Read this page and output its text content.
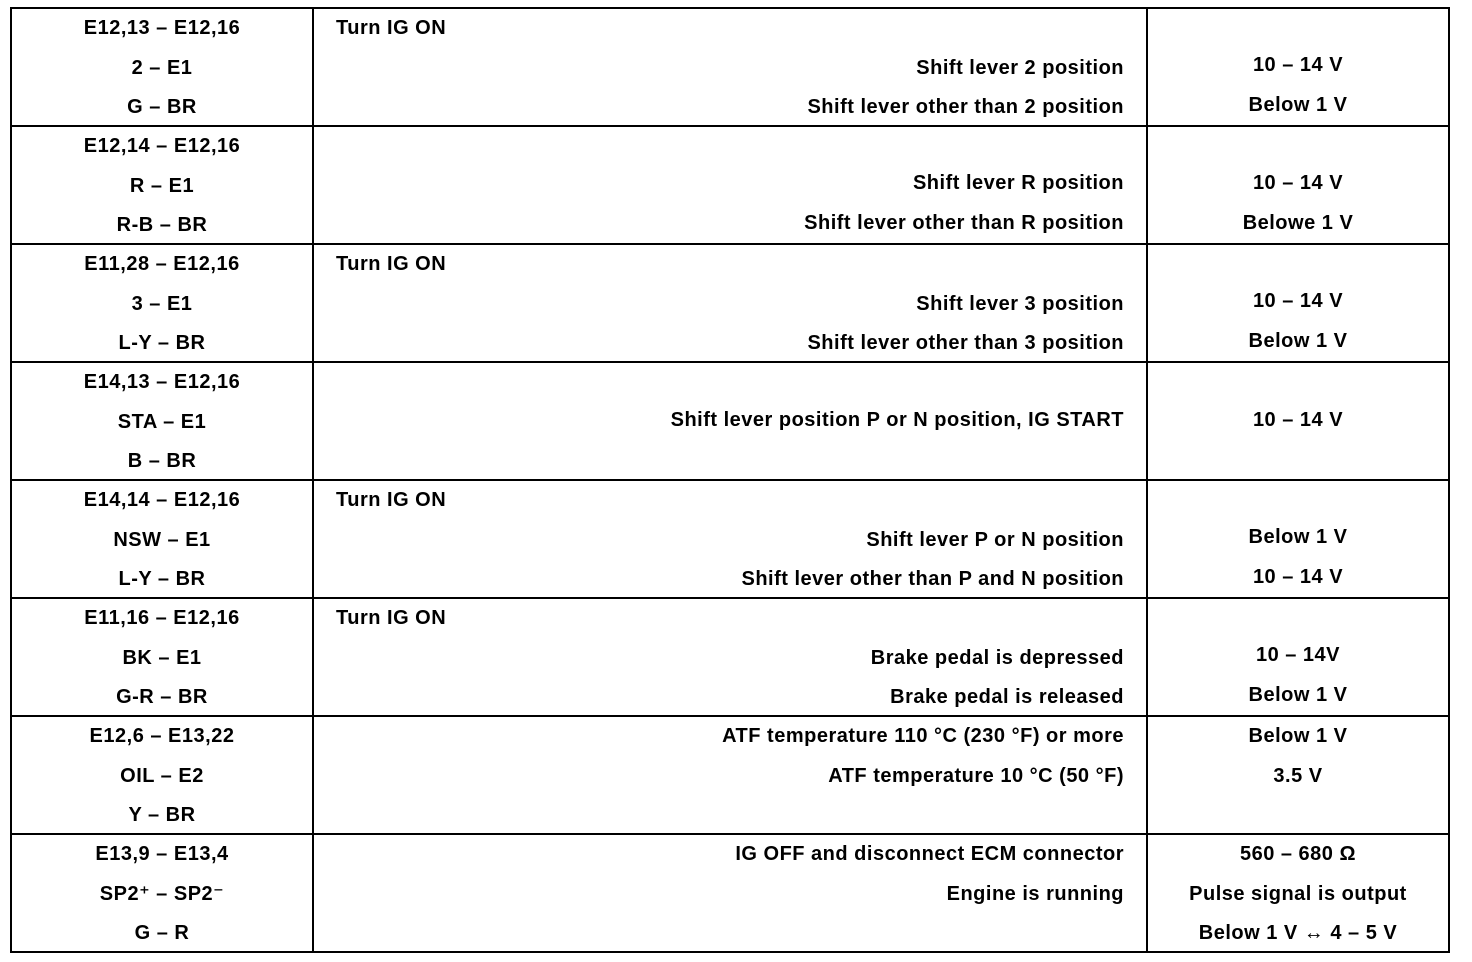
E12,13 – E12,16
2 – E1
G – BR
Turn IG ON
Shift lever 2 position
Shift lever other than 2 position
10 – 14 V
Below 1 V
E12,14 – E12,16
R – E1
R-B – BR
Shift lever R position
Shift lever other than R position
10 – 14 V
Belowe 1 V
E11,28 – E12,16
3 – E1
L-Y – BR
Turn IG ON
Shift lever 3 position
Shift lever other than 3 position
10 – 14 V
Below 1 V
E14,13 – E12,16
STA – E1
B – BR
Shift lever position P or N position, IG START	10 – 14 V
E14,14 – E12,16
NSW – E1
L-Y – BR
Turn IG ON
Shift lever P or N position
Shift lever other than P and N position
Below 1 V
10 – 14 V
E11,16 – E12,16
BK – E1
G-R – BR
Turn IG ON
Brake pedal is depressed
Brake pedal is released
10 – 14V
Below 1 V
E12,6 – E13,22
OIL – E2
Y – BR
ATF temperature 110 °C (230 °F) or more
ATF temperature 10 °C (50 °F)
Below 1 V
3.5 V
E13,9 – E13,4
SP2⁺ – SP2⁻
G – R
IG OFF and disconnect ECM connector
Engine is running
560 – 680 Ω
Pulse signal is output
Below 1 V ↔ 4 – 5 V
